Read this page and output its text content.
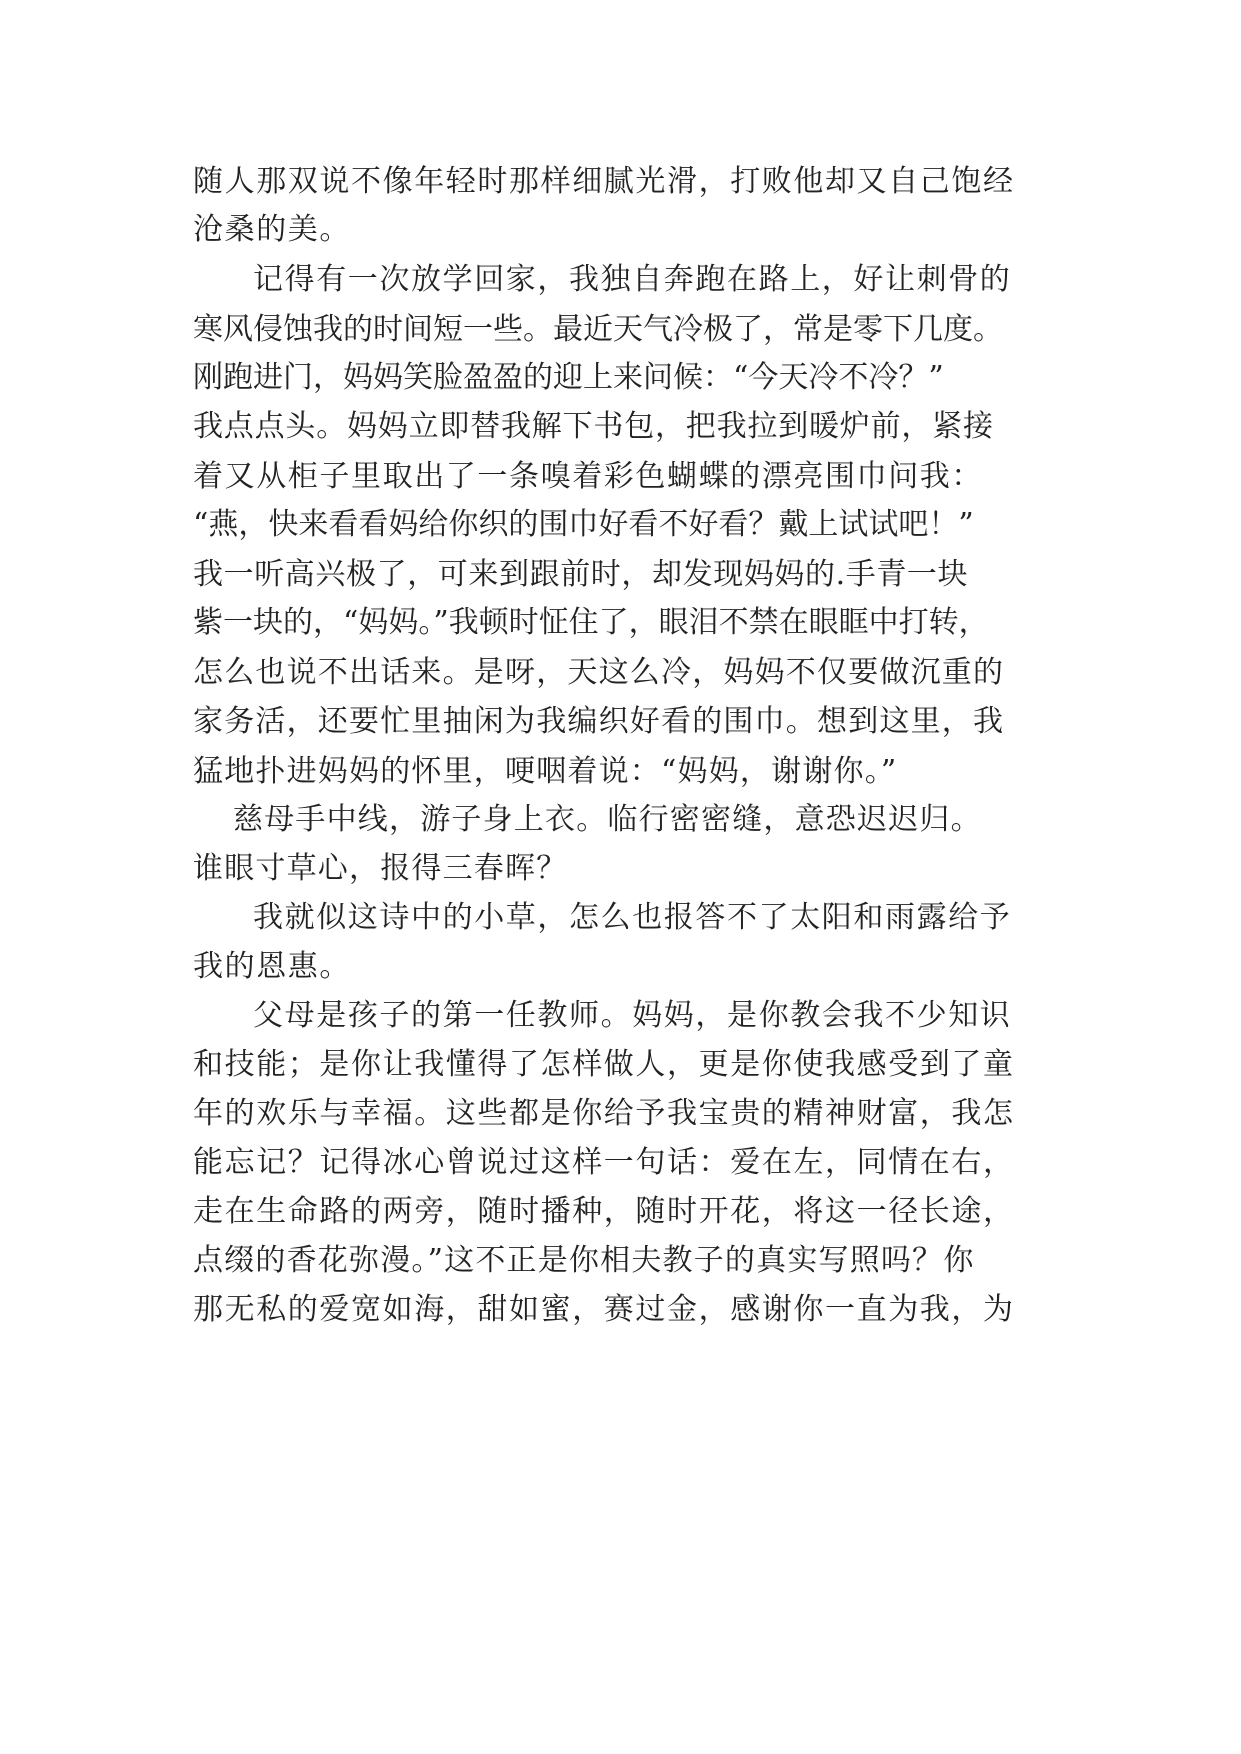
随人那双说不像年轻时那样细腻光滑，打败他却又自己饱经
沧桑的美。
记得有一次放学回家，我独自奔跑在路上，好让刺骨的
寒风侵蚀我的时间短一些。最近天气冷极了，常是零下几度。
刚跑进门，妈妈笑脸盈盈的迎上来问候：“今天冷不冷？”
我点点头。妈妈立即替我解下书包，把我拉到暖炉前，紧接
着又从柜子里取出了一条嗅着彩色蝴蝶的漂亮围巾问我：
“燕，快来看看妈给你织的围巾好看不好看？戴上试试吧！”
我一听高兴极了，可来到跟前时，却发现妈妈的.手青一块
紫一块的，“妈妈。”我顿时怔住了，眼泪不禁在眼眶中打转，
怎么也说不出话来。是呀，天这么冷，妈妈不仅要做沉重的
家务活，还要忙里抽闲为我编织好看的围巾。想到这里，我
猛地扑进妈妈的怀里，哽咽着说：“妈妈，谢谢你。”
慈母手中线，游子身上衣。临行密密缝，意恐迟迟归。
谁眼寸草心，报得三春晖？
我就似这诗中的小草，怎么也报答不了太阳和雨露给予
我的恩惠。
父母是孩子的第一任教师。妈妈，是你教会我不少知识
和技能；是你让我懂得了怎样做人，更是你使我感受到了童
年的欢乐与幸福。这些都是你给予我宝贵的精神财富，我怎
能忘记？记得冰心曾说过这样一句话：爱在左，同情在右，
走在生命路的两旁，随时播种，随时开花，将这一径长途，
点缀的香花弥漫。”这不正是你相夫教子的真实写照吗？你
那无私的爱宽如海，甜如蜜，赛过金，感谢你一直为我，为
